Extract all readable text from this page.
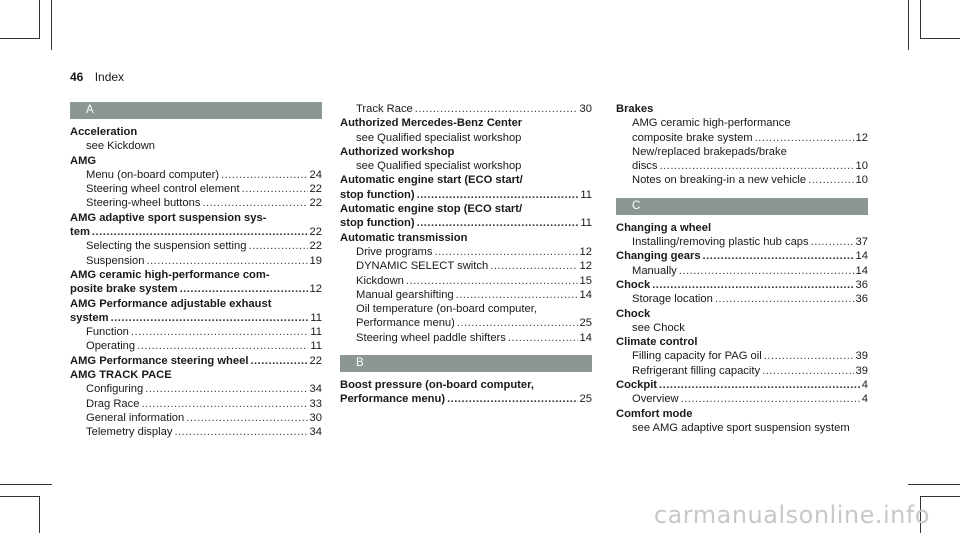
46 Index
A
Acceleration
see Kickdown
AMG
Menu (on-board computer) .....	24
Steering wheel control element .....	22
Steering-wheel buttons .....	22
AMG adaptive sport suspension sys-
tem .....	22
Selecting the suspension setting .....	22
Suspension .....	19
AMG ceramic high-performance com-
posite brake system .....	12
AMG Performance adjustable exhaust
system .....	11
Function .....	11
Operating .....	11
AMG Performance steering wheel .....	22
AMG TRACK PACE
Configuring .....	34
Drag Race .....	33
General information .....	30
Telemetry display .....	34
Track Race .....	30
Authorized Mercedes-Benz Center
see Qualified specialist workshop
Authorized workshop
see Qualified specialist workshop
Automatic engine start (ECO start/
stop function) .....	11
Automatic engine stop (ECO start/
stop function) .....	11
Automatic transmission
Drive programs .....	12
DYNAMIC SELECT switch .....	12
Kickdown .....	15
Manual gearshifting .....	14
Oil temperature (on-board computer,
Performance menu) .....	25
Steering wheel paddle shifters .....	14
B
Boost pressure (on-board computer,
Performance menu) .....	25
Brakes
AMG ceramic high-performance
composite brake system .....	12
New/replaced brakepads/brake
discs .....	10
Notes on breaking-in a new vehicle .....	10
C
Changing a wheel
Installing/removing plastic hub caps .....	37
Changing gears .....	14
Manually .....	14
Chock .....	36
Storage location .....	36
Chock
see Chock
Climate control
Filling capacity for PAG oil .....	39
Refrigerant filling capacity .....	39
Cockpit .....	4
Overview .....	4
Comfort mode
see AMG adaptive sport suspension system
carmanualsonline.info
